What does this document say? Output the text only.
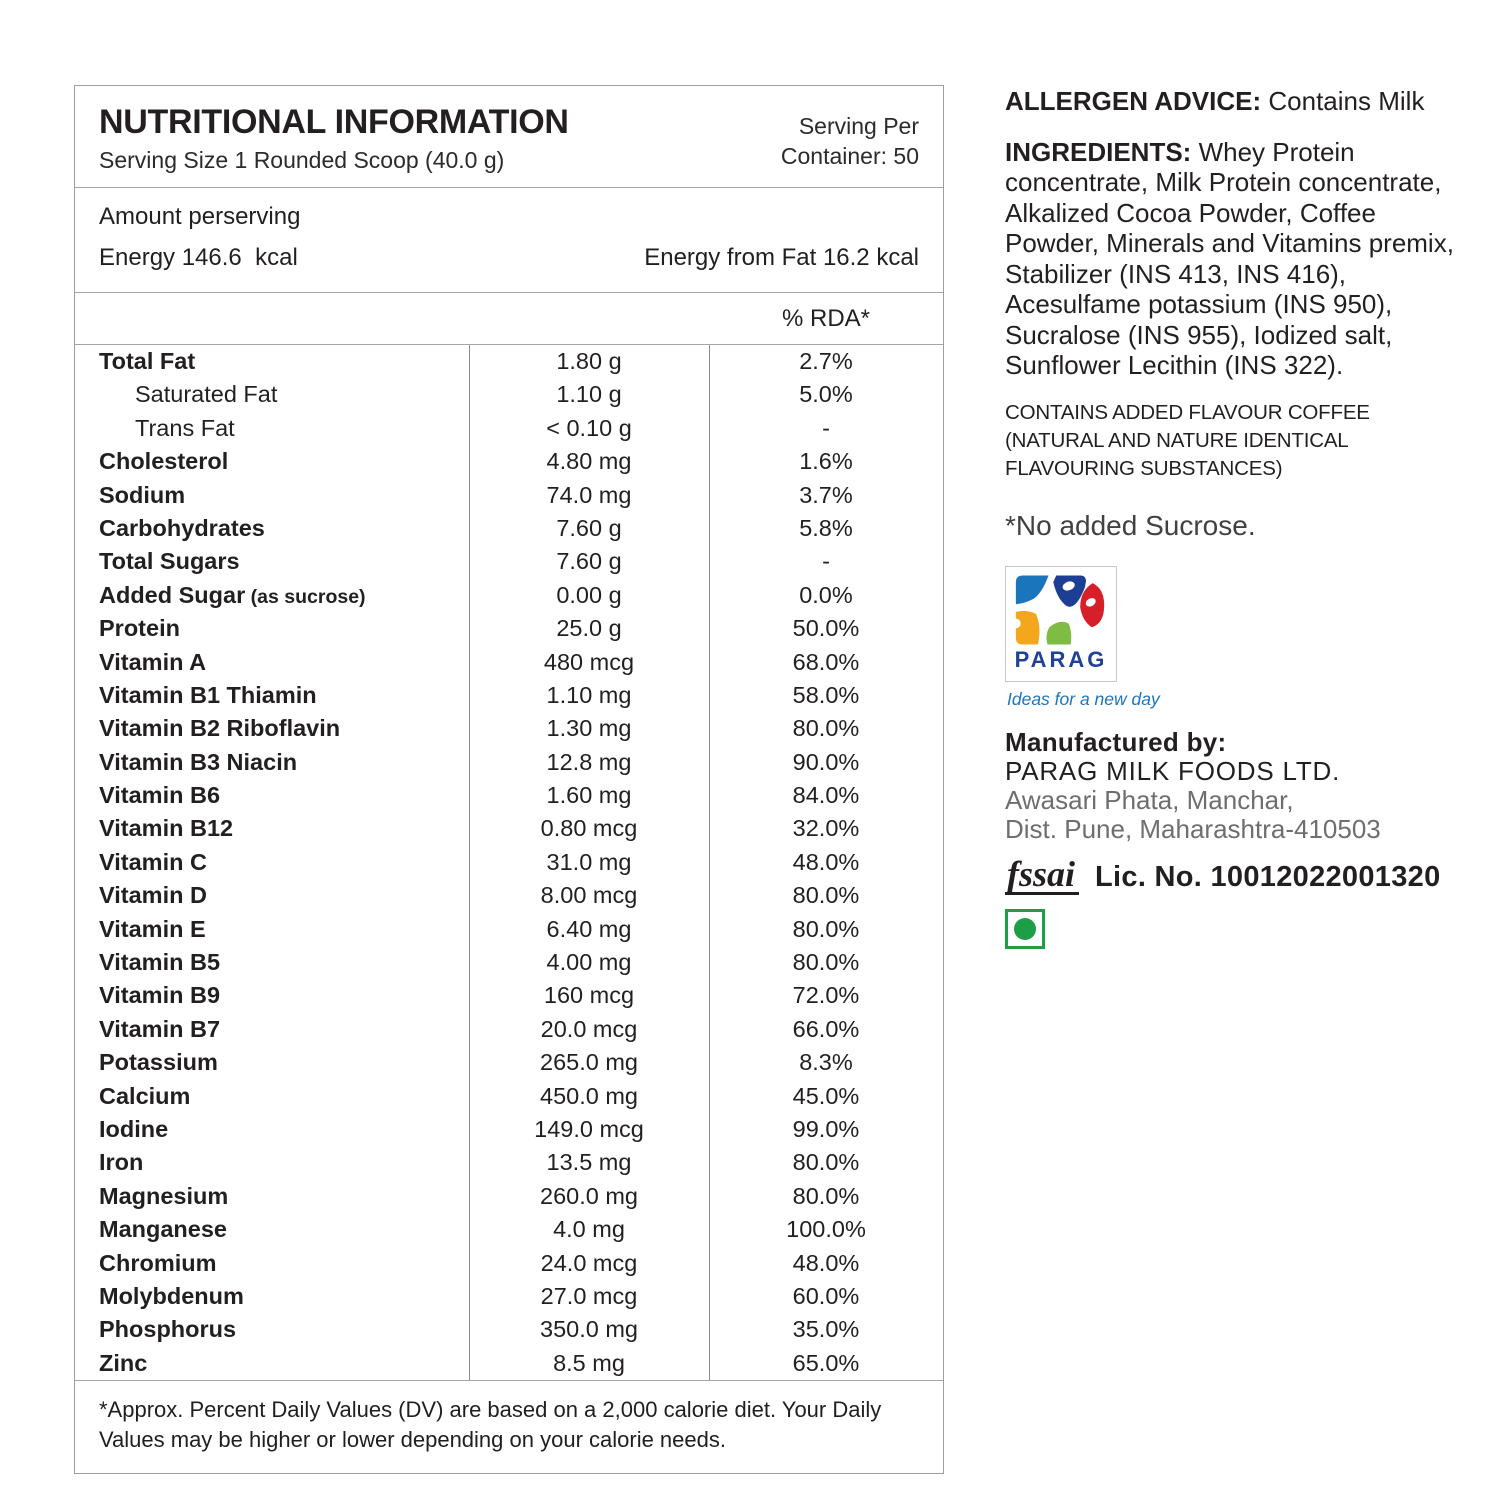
NUTRITIONAL INFORMATION
Serving Size 1 Rounded Scoop (40.0 g)
Serving Per
Container: 50
Amount perserving
Energy 146.6  kcal	Energy from Fat 16.2 kcal
% RDA*
Total Fat	1.80 g	2.7%
Saturated Fat	1.10 g	5.0%
Trans Fat	< 0.10 g	-
Cholesterol	4.80 mg	1.6%
Sodium	74.0 mg	3.7%
Carbohydrates	7.60 g	5.8%
Total Sugars	7.60 g	-
Added Sugar (as sucrose)	0.00 g	0.0%
Protein	25.0 g	50.0%
Vitamin A	480 mcg	68.0%
Vitamin B1 Thiamin	1.10 mg	58.0%
Vitamin B2 Riboflavin	1.30 mg	80.0%
Vitamin B3 Niacin	12.8 mg	90.0%
Vitamin B6	1.60 mg	84.0%
Vitamin B12	0.80 mcg	32.0%
Vitamin C	31.0 mg	48.0%
Vitamin D	8.00 mcg	80.0%
Vitamin E	6.40 mg	80.0%
Vitamin B5	4.00 mg	80.0%
Vitamin B9	160 mcg	72.0%
Vitamin B7	20.0 mcg	66.0%
Potassium	265.0 mg	8.3%
Calcium	450.0 mg	45.0%
Iodine	149.0 mcg	99.0%
Iron	13.5 mg	80.0%
Magnesium	260.0 mg	80.0%
Manganese	4.0 mg	100.0%
Chromium	24.0 mcg	48.0%
Molybdenum	27.0 mcg	60.0%
Phosphorus	350.0 mg	35.0%
Zinc	8.5 mg	65.0%
*Approx. Percent Daily Values (DV) are based on a 2,000 calorie diet. Your Daily Values may be higher or lower depending on your calorie needs.

ALLERGEN ADVICE: Contains Milk

INGREDIENTS: Whey Protein concentrate, Milk Protein concentrate, Alkalized Cocoa Powder, Coffee Powder, Minerals and Vitamins premix, Stabilizer (INS 413, INS 416), Acesulfame potassium (INS 950), Sucralose (INS 955), Iodized salt, Sunflower Lecithin (INS 322).

CONTAINS ADDED FLAVOUR COFFEE (NATURAL AND NATURE IDENTICAL FLAVOURING SUBSTANCES)

*No added Sucrose.

PARAG
Ideas for a new day
Manufactured by:
PARAG MILK FOODS LTD.
Awasari Phata, Manchar,
Dist. Pune, Maharashtra-410503
fssai Lic. No. 10012022001320
